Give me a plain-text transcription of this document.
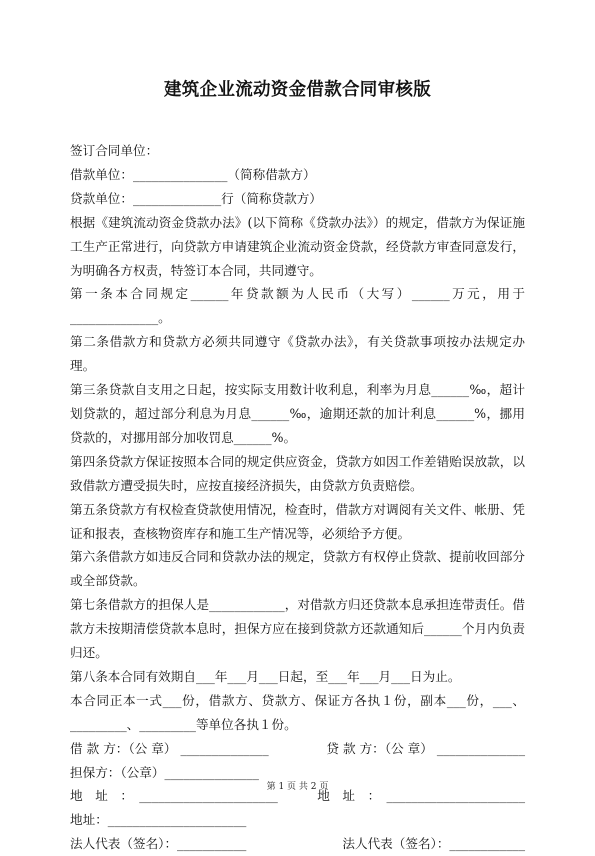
建筑企业流动资金借款合同审核版

签订合同单位：

借款单位：_______________（简称借款方）

贷款单位：______________行（简称贷款方）

根据《建筑流动资金贷款办法》(以下简称《贷款办法》）的规定，借款方为保证施工生产正常进行，向贷款方申请建筑企业流动资金贷款，经贷款方审查同意发行，为明确各方权责，特签订本合同，共同遵守。

第一条本合同规定______年贷款额为人民币（大写）______万元，用于______________。

第二条借款方和贷款方必须共同遵守《贷款办法》，有关贷款事项按办法规定办理。

第三条贷款自支用之日起，按实际支用数计收利息，利率为月息______‰，超计划贷款的，超过部分利息为月息______‰，逾期还款的加计利息______%，挪用贷款的，对挪用部分加收罚息______%。

第四条贷款方保证按照本合同的规定供应资金，贷款方如因工作差错贻误放款，以致借款方遭受损失时，应按直接经济损失，由贷款方负责赔偿。

第五条贷款方有权检查贷款使用情况，检查时，借款方对调阅有关文件、帐册、凭证和报表，查核物资库存和施工生产情况等，必须给予方便。

第六条借款方如违反合同和贷款办法的规定，贷款方有权停止贷款、提前收回部分或全部贷款。

第七条借款方的担保人是____________，对借款方归还贷款本息承担连带责任。借款方未按期清偿贷款本息时，担保方应在接到贷款方还款通知后______个月内负责归还。

第八条本合同有效期自___年___月___日起，至___年___月___日为止。

本合同正本一式___份，借款方、贷款方、保证方各执１份，副本___份，___、_________、_________等单位各执１份。

借 款 方：（公 章） ______________	贷 款 方：（公 章） ______________

担保方：（公章）_______________

地　址　：　______________________	地　址　：　______________________

地址：______________________

法人代表（签名）：___________	法人代表（签名）：____________
第 1 页 共 2 页
